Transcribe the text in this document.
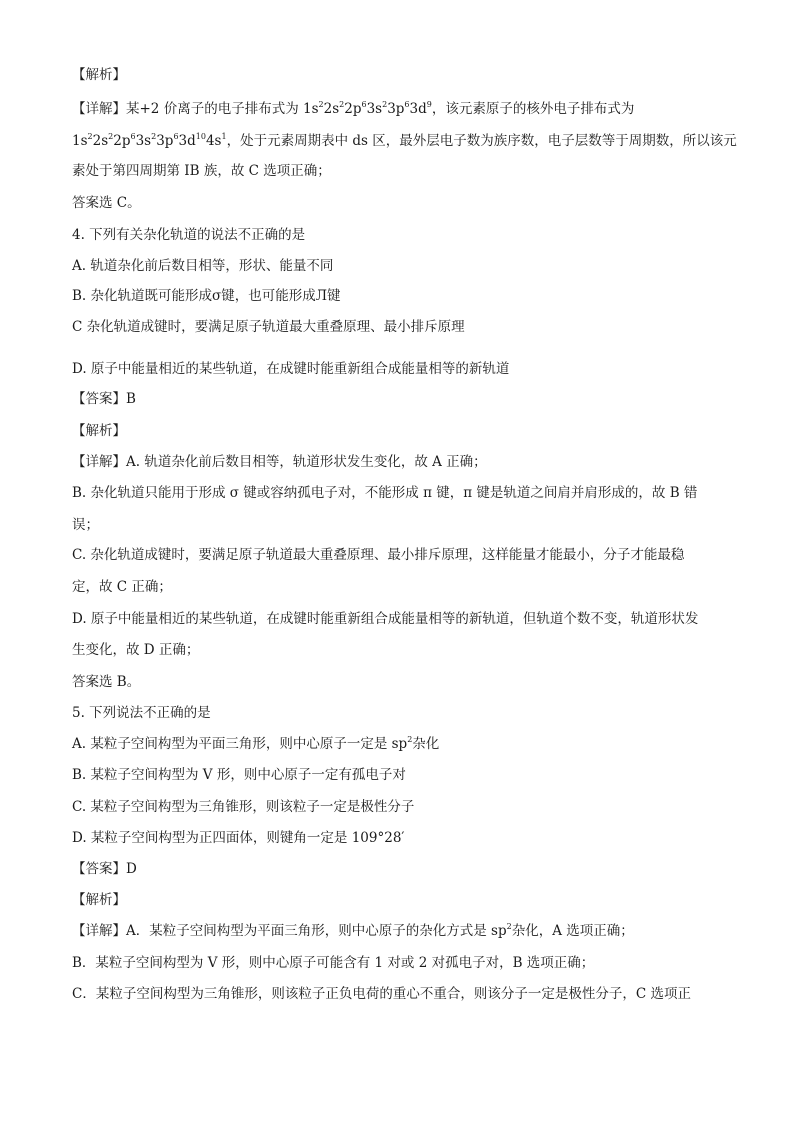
【解析】
【详解】某+2 价离子的电子排布式为 $1s^22s^22p^63s^23p^63d^9$，该元素原子的核外电子排布式为
$1s^22s^22p^63s^23p^63d^{10}4s^1$，处于元素周期表中 ds 区，最外层电子数为族序数，电子层数等于周期数，所以该元
素处于第四周期第 IB 族，故 C 选项正确；
答案选 C。
4. 下列有关杂化轨道的说法不正确的是
A. 轨道杂化前后数目相等，形状、能量不同
B. 杂化轨道既可能形成σ键，也可能形成Л键
C 杂化轨道成键时，要满足原子轨道最大重叠原理、最小排斥原理
D. 原子中能量相近的某些轨道，在成键时能重新组合成能量相等的新轨道
【答案】B
【解析】
【详解】A. 轨道杂化前后数目相等，轨道形状发生变化，故 A 正确；
B. 杂化轨道只能用于形成 σ 键或容纳孤电子对，不能形成 π 键，π 键是轨道之间肩并肩形成的，故 B 错
误；
C. 杂化轨道成键时，要满足原子轨道最大重叠原理、最小排斥原理，这样能量才能最小，分子才能最稳
定，故 C 正确；
D. 原子中能量相近的某些轨道，在成键时能重新组合成能量相等的新轨道，但轨道个数不变，轨道形状发
生变化，故 D 正确；
答案选 B。
5. 下列说法不正确的是
A. 某粒子空间构型为平面三角形，则中心原子一定是 $sp^2$杂化
B. 某粒子空间构型为 V 形，则中心原子一定有孤电子对
C. 某粒子空间构型为三角锥形，则该粒子一定是极性分子
D. 某粒子空间构型为正四面体，则键角一定是 109°28′
【答案】D
【解析】
【详解】A．某粒子空间构型为平面三角形，则中心原子的杂化方式是 $sp^2$杂化，A 选项正确；
B．某粒子空间构型为 V 形，则中心原子可能含有 1 对或 2 对孤电子对，B 选项正确；
C．某粒子空间构型为三角锥形，则该粒子正负电荷的重心不重合，则该分子一定是极性分子，C 选项正
